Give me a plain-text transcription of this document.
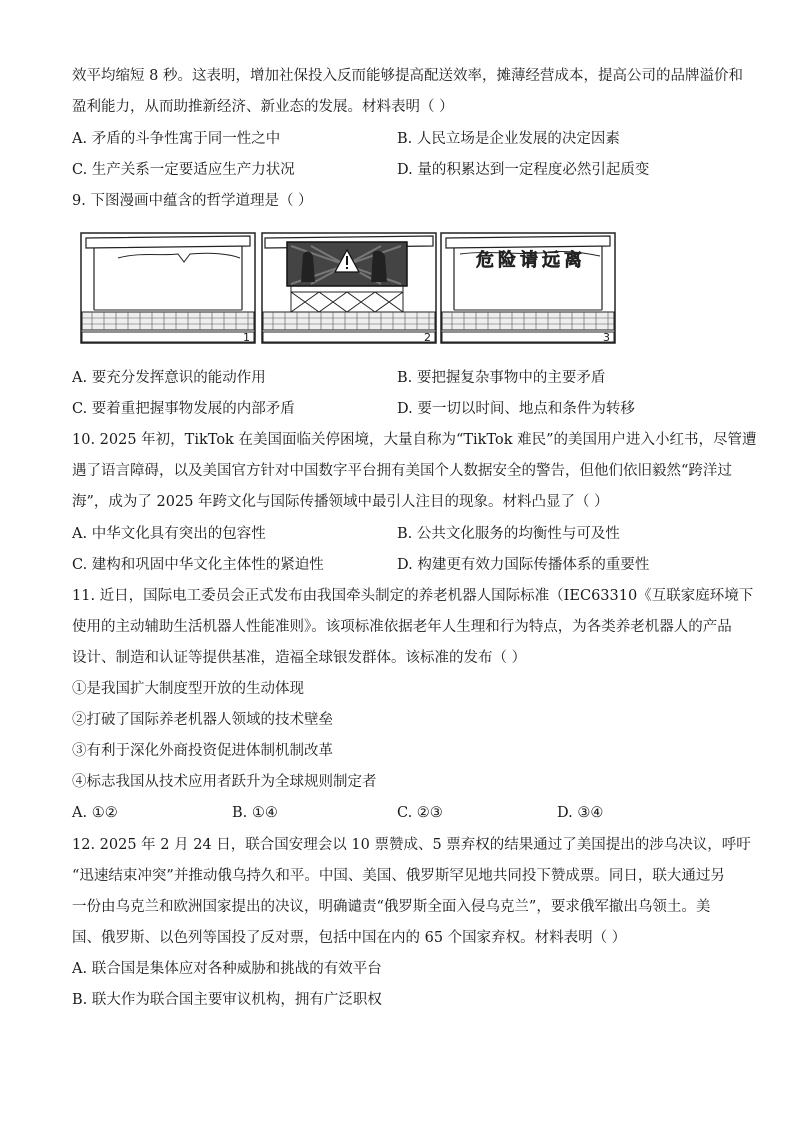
效平均缩短 8 秒。这表明，增加社保投入反而能够提高配送效率，摊薄经营成本，提高公司的品牌溢价和
盈利能力，从而助推新经济、新业态的发展。材料表明（ ）
A. 矛盾的斗争性寓于同一性之中	B. 人民立场是企业发展的决定因素
C. 生产关系一定要适应生产力状况	D. 量的积累达到一定程度必然引起质变
9. 下图漫画中蕴含的哲学道理是（ ）
1	2
危险请远离
3
A. 要充分发挥意识的能动作用	B. 要把握复杂事物中的主要矛盾
C. 要着重把握事物发展的内部矛盾	D. 要一切以时间、地点和条件为转移
10. 2025 年初，TikTok 在美国面临关停困境，大量自称为“TikTok 难民”的美国用户进入小红书，尽管遭
遇了语言障碍，以及美国官方针对中国数字平台拥有美国个人数据安全的警告，但他们依旧毅然“跨洋过
海”，成为了 2025 年跨文化与国际传播领域中最引人注目的现象。材料凸显了（ ）
A. 中华文化具有突出的包容性	B. 公共文化服务的均衡性与可及性
C. 建构和巩固中华文化主体性的紧迫性	D. 构建更有效力国际传播体系的重要性
11. 近日，国际电工委员会正式发布由我国牵头制定的养老机器人国际标准（IEC63310《互联家庭环境下
使用的主动辅助生活机器人性能准则》。该项标准依据老年人生理和行为特点，为各类养老机器人的产品
设计、制造和认证等提供基准，造福全球银发群体。该标准的发布（ ）
①是我国扩大制度型开放的生动体现
②打破了国际养老机器人领域的技术壁垒
③有利于深化外商投资促进体制机制改革
④标志我国从技术应用者跃升为全球规则制定者
A. ①②	B. ①④	C. ②③	D. ③④
12. 2025 年 2 月 24 日，联合国安理会以 10 票赞成、5 票弃权的结果通过了美国提出的涉乌决议，呼吁
“迅速结束冲突”并推动俄乌持久和平。中国、美国、俄罗斯罕见地共同投下赞成票。同日，联大通过另
一份由乌克兰和欧洲国家提出的决议，明确谴责“俄罗斯全面入侵乌克兰”，要求俄军撤出乌领土。美
国、俄罗斯、以色列等国投了反对票，包括中国在内的 65 个国家弃权。材料表明（ ）
A. 联合国是集体应对各种威胁和挑战的有效平台
B. 联大作为联合国主要审议机构，拥有广泛职权
